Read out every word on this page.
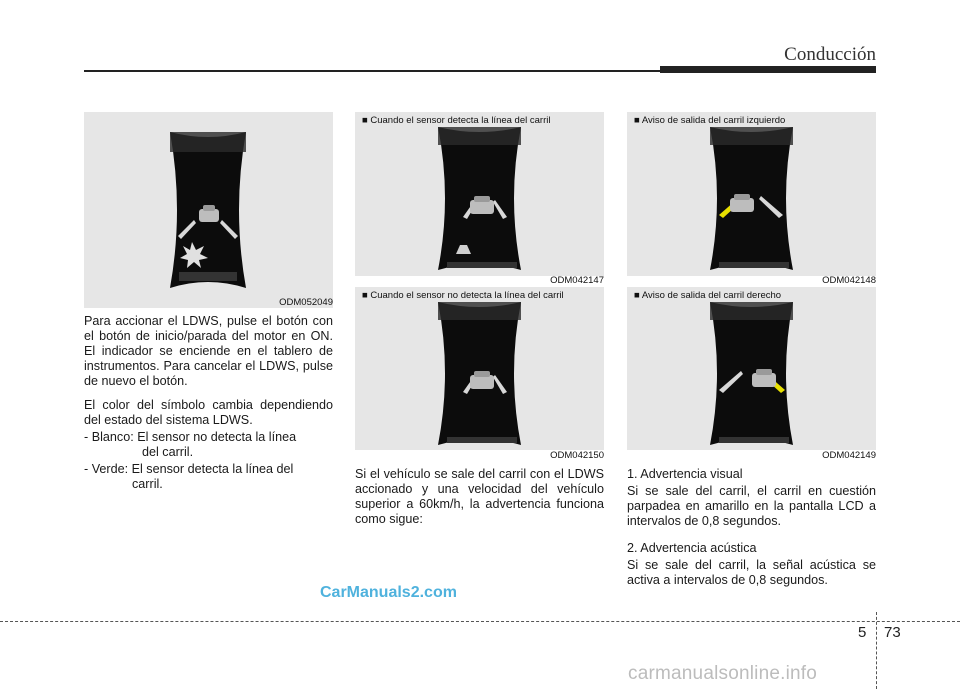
Conducción
ODM052049

Para accionar el LDWS, pulse el botón con el botón de inicio/parada del motor en ON. El indicador se enciende en el tablero de instrumentos. Para cancelar el LDWS, pulse de nuevo el botón.

El color del símbolo cambia dependiendo del estado del sistema LDWS.

- Blanco: El sensor no detecta la línea
del carril.
- Verde: El sensor detecta la línea del
carril.
■ Cuando el sensor detecta la línea del carril
ODM042147
■ Cuando el sensor no detecta la línea del carril
ODM042150

Si el vehículo se sale del carril con el LDWS accionado y una velocidad del vehículo superior a 60km/h, la advertencia funciona como sigue:

■ Aviso de salida del carril izquierdo
ODM042148
■ Aviso de salida del carril derecho
ODM042149
1. Advertencia visual

Si se sale del carril, el carril en cuestión parpadea en amarillo en la pantalla LCD a intervalos de 0,8 segundos.

2. Advertencia acústica

Si se sale del carril, la señal acústica se activa a intervalos de 0,8 segundos.

CarManuals2.com
5 73
carmanualsonline.info
